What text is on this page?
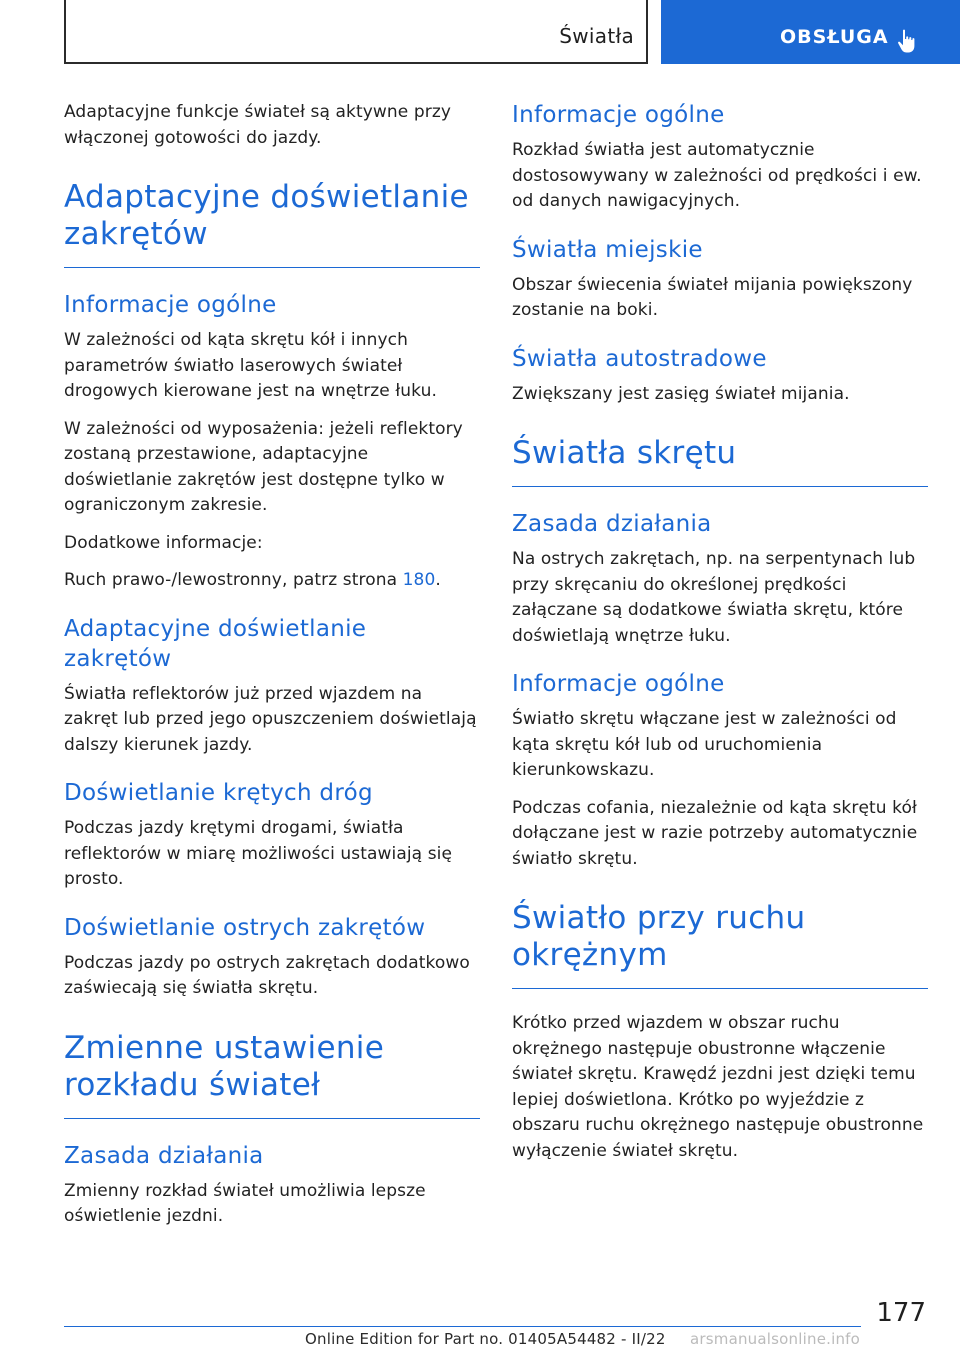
Światła	OBSŁUGA

Adaptacyjne funkcje świateł są aktywne przy włączonej gotowości do jazdy.

Adaptacyjne doświetlanie zakrętów
Informacje ogólne

W zależności od kąta skrętu kół i innych parametrów światło laserowych świateł drogowych kierowane jest na wnętrze łuku.

W zależności od wyposażenia: jeżeli reflektory zostaną przestawione, adaptacyjne doświetlanie zakrętów jest dostępne tylko w ograniczonym zakresie.

Dodatkowe informacje:

Ruch prawo-/lewostronny, patrz strona 180.

Adaptacyjne doświetlanie zakrętów

Światła reflektorów już przed wjazdem na zakręt lub przed jego opuszczeniem doświetlają dalszy kierunek jazdy.

Doświetlanie krętych dróg

Podczas jazdy krętymi drogami, światła reflektorów w miarę możliwości ustawiają się prosto.

Doświetlanie ostrych zakrętów

Podczas jazdy po ostrych zakrętach dodatkowo zaświecają się światła skrętu.

Zmienne ustawienie rozkładu świateł
Zasada działania

Zmienny rozkład świateł umożliwia lepsze oświetlenie jezdni.

Informacje ogólne

Rozkład światła jest automatycznie dostosowywany w zależności od prędkości i ew. od danych nawigacyjnych.

Światła miejskie

Obszar świecenia świateł mijania powiększony zostanie na boki.

Światła autostradowe

Zwiększany jest zasięg świateł mijania.

Światła skrętu
Zasada działania

Na ostrych zakrętach, np. na serpentynach lub przy skręcaniu do określonej prędkości załączane są dodatkowe światła skrętu, które doświetlają wnętrze łuku.

Informacje ogólne

Światło skrętu włączane jest w zależności od kąta skrętu kół lub od uruchomienia kierunkowskazu.

Podczas cofania, niezależnie od kąta skrętu kół dołączane jest w razie potrzeby automatycznie światło skrętu.

Światło przy ruchu okrężnym

Krótko przed wjazdem w obszar ruchu okrężnego następuje obustronne włączenie świateł skrętu. Krawędź jezdni jest dzięki temu lepiej doświetlona. Krótko po wyjeździe z obszaru ruchu okrężnego następuje obustronne wyłączenie świateł skrętu.

177
Online Edition for Part no. 01405A54482 - II/22 arsmanualsonline.info
